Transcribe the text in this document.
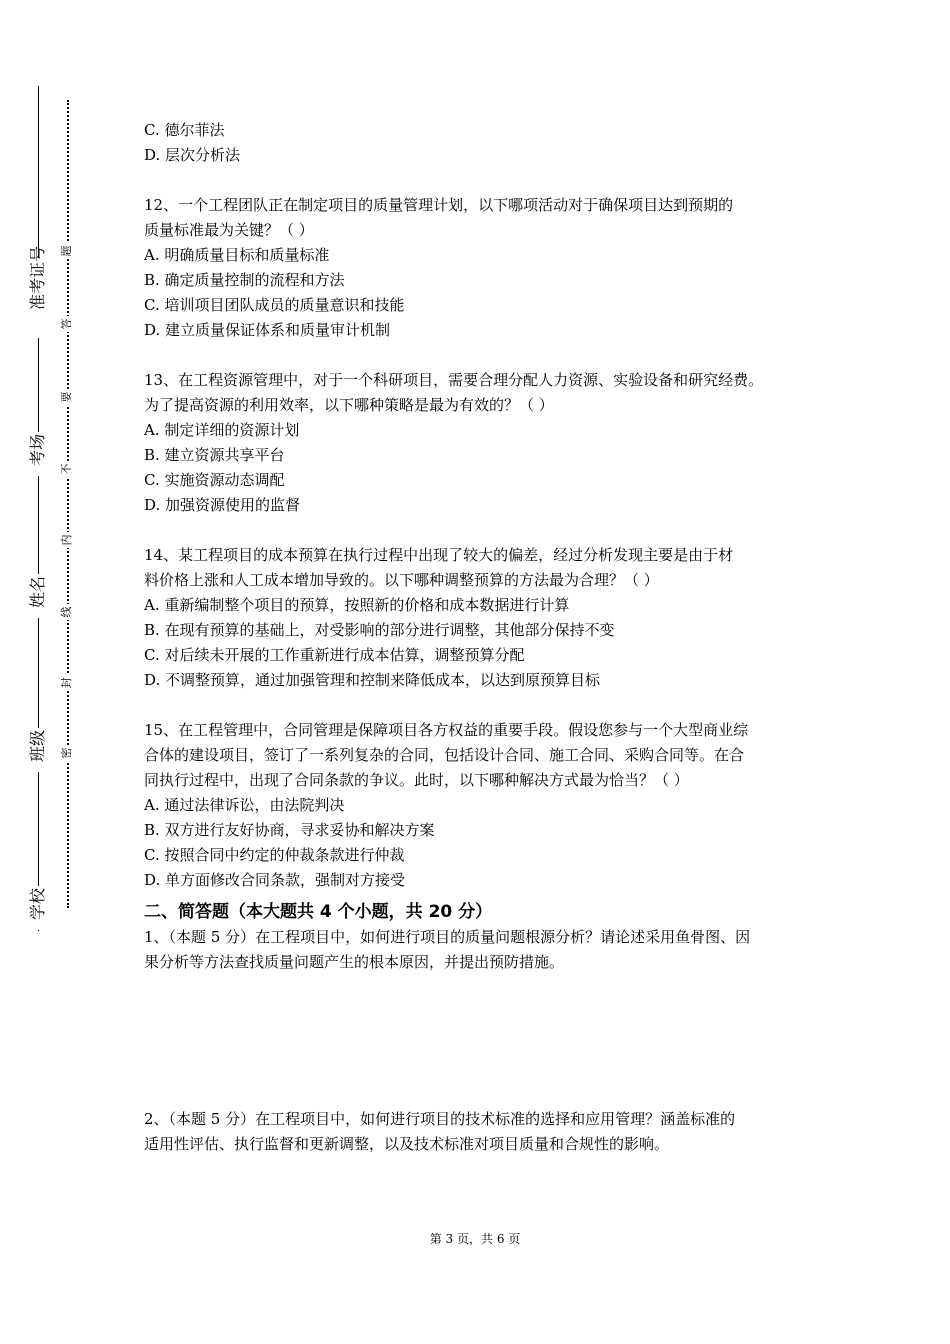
准考证号
考场
姓名
班级
学校
题
答
要
不
内
线
封
密
C. 德尔菲法
D. 层次分析法
12、一个工程团队正在制定项目的质量管理计划，以下哪项活动对于确保项目达到预期的
质量标准最为关键？（ ）
A. 明确质量目标和质量标准
B. 确定质量控制的流程和方法
C. 培训项目团队成员的质量意识和技能
D. 建立质量保证体系和质量审计机制
13、在工程资源管理中，对于一个科研项目，需要合理分配人力资源、实验设备和研究经费。
为了提高资源的利用效率，以下哪种策略是最为有效的？（ ）
A. 制定详细的资源计划
B. 建立资源共享平台
C. 实施资源动态调配
D. 加强资源使用的监督
14、某工程项目的成本预算在执行过程中出现了较大的偏差，经过分析发现主要是由于材
料价格上涨和人工成本增加导致的。以下哪种调整预算的方法最为合理？（ ）
A. 重新编制整个项目的预算，按照新的价格和成本数据进行计算
B. 在现有预算的基础上，对受影响的部分进行调整，其他部分保持不变
C. 对后续未开展的工作重新进行成本估算，调整预算分配
D. 不调整预算，通过加强管理和控制来降低成本，以达到原预算目标
15、在工程管理中，合同管理是保障项目各方权益的重要手段。假设您参与一个大型商业综
合体的建设项目，签订了一系列复杂的合同，包括设计合同、施工合同、采购合同等。在合
同执行过程中，出现了合同条款的争议。此时，以下哪种解决方式最为恰当？（ ）
A. 通过法律诉讼，由法院判决
B. 双方进行友好协商，寻求妥协和解决方案
C. 按照合同中约定的仲裁条款进行仲裁
D. 单方面修改合同条款，强制对方接受
二、简答题（本大题共 4 个小题，共 20 分）
1、（本题 5 分）在工程项目中，如何进行项目的质量问题根源分析？请论述采用鱼骨图、因
果分析等方法查找质量问题产生的根本原因，并提出预防措施。
2、（本题 5 分）在工程项目中，如何进行项目的技术标准的选择和应用管理？涵盖标准的
适用性评估、执行监督和更新调整，以及技术标准对项目质量和合规性的影响。
第 3 页，共 6 页
